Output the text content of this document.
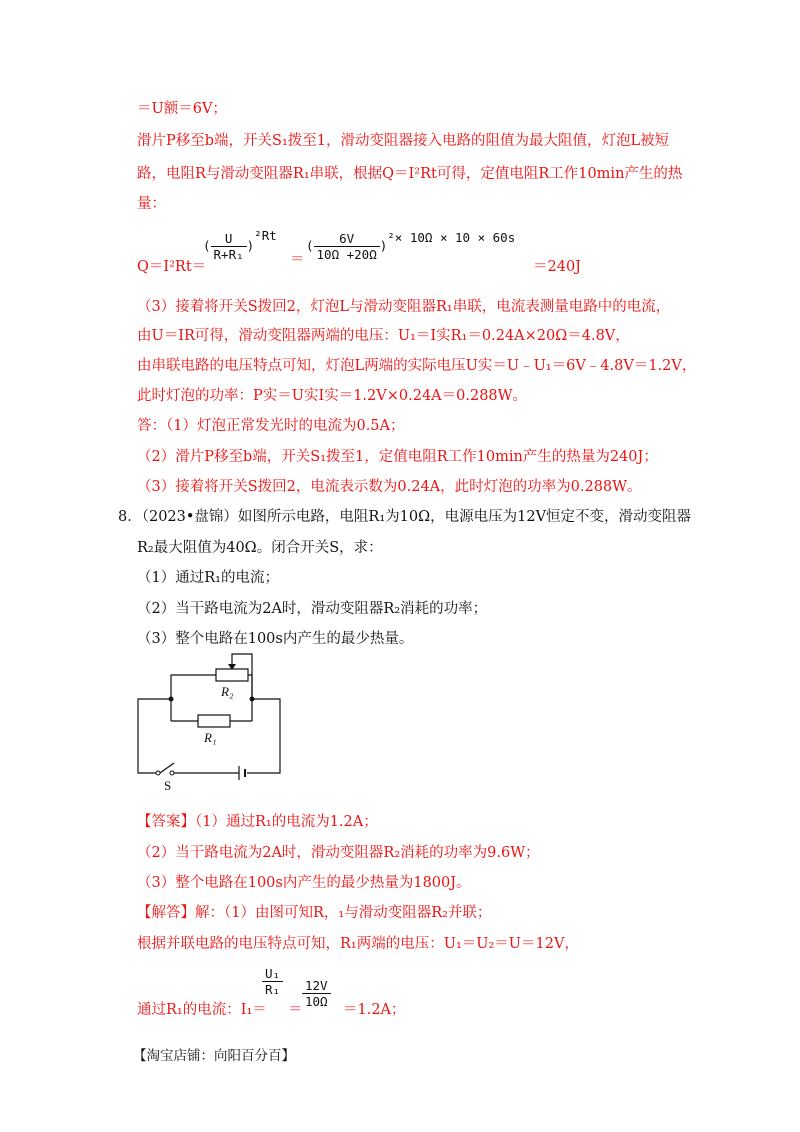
＝U额＝6V；
滑片P移至b端，开关S₁拨至1，滑动变阻器接入电路的阻值为最大阻值，灯泡L被短
路，电阻R与滑动变阻器R₁串联，根据Q＝I²Rt可得，定值电阻R工作10min产生的热
量：
Q＝I²Rt＝
( $\frac{U}{\text{R+R₁}} )^2Rt$
＝
( $\frac{6V}{10\Omega +20\Omega} )^2\times 10\Omega \times 10 \times 60s$
＝240J
（3）接着将开关S拨回2，灯泡L与滑动变阻器R₁串联，电流表测量电路中的电流，
由U＝IR可得，滑动变阻器两端的电压：U₁＝I实R₁＝0.24A×20Ω＝4.8V，
由串联电路的电压特点可知，灯泡L两端的实际电压U实＝U﹣U₁＝6V﹣4.8V＝1.2V，
此时灯泡的功率：P实＝U实I实＝1.2V×0.24A＝0.288W。
答：（1）灯泡正常发光时的电流为0.5A；
（2）滑片P移至b端，开关S₁拨至1，定值电阻R工作10min产生的热量为240J；
（3）接着将开关S拨回2，电流表示数为0.24A，此时灯泡的功率为0.288W。
8．（2023•盘锦）如图所示电路，电阻R₁为10Ω，电源电压为12V恒定不变，滑动变阻器
R₂最大阻值为40Ω。闭合开关S，求：
（1）通过R₁的电流；
（2）当干路电流为2A时，滑动变阻器R₂消耗的功率；
（3）整个电路在100s内产生的最少热量。
R₂
R₁
S
【答案】（1）通过R₁的电流为1.2A；
（2）当干路电流为2A时，滑动变阻器R₂消耗的功率为9.6W；
（3）整个电路在100s内产生的最少热量为1800J。
【解答】解：（1）由图可知R，₁与滑动变阻器R₂并联；
根据并联电路的电压特点可知，R₁两端的电压：U₁＝U₂＝U＝12V，
通过R₁的电流：I₁＝
$\frac{\text{U₁}}{\text{R₁}}$
＝
$\frac{12V}{10\Omega}$
＝1.2A；
【淘宝店铺：向阳百分百】
